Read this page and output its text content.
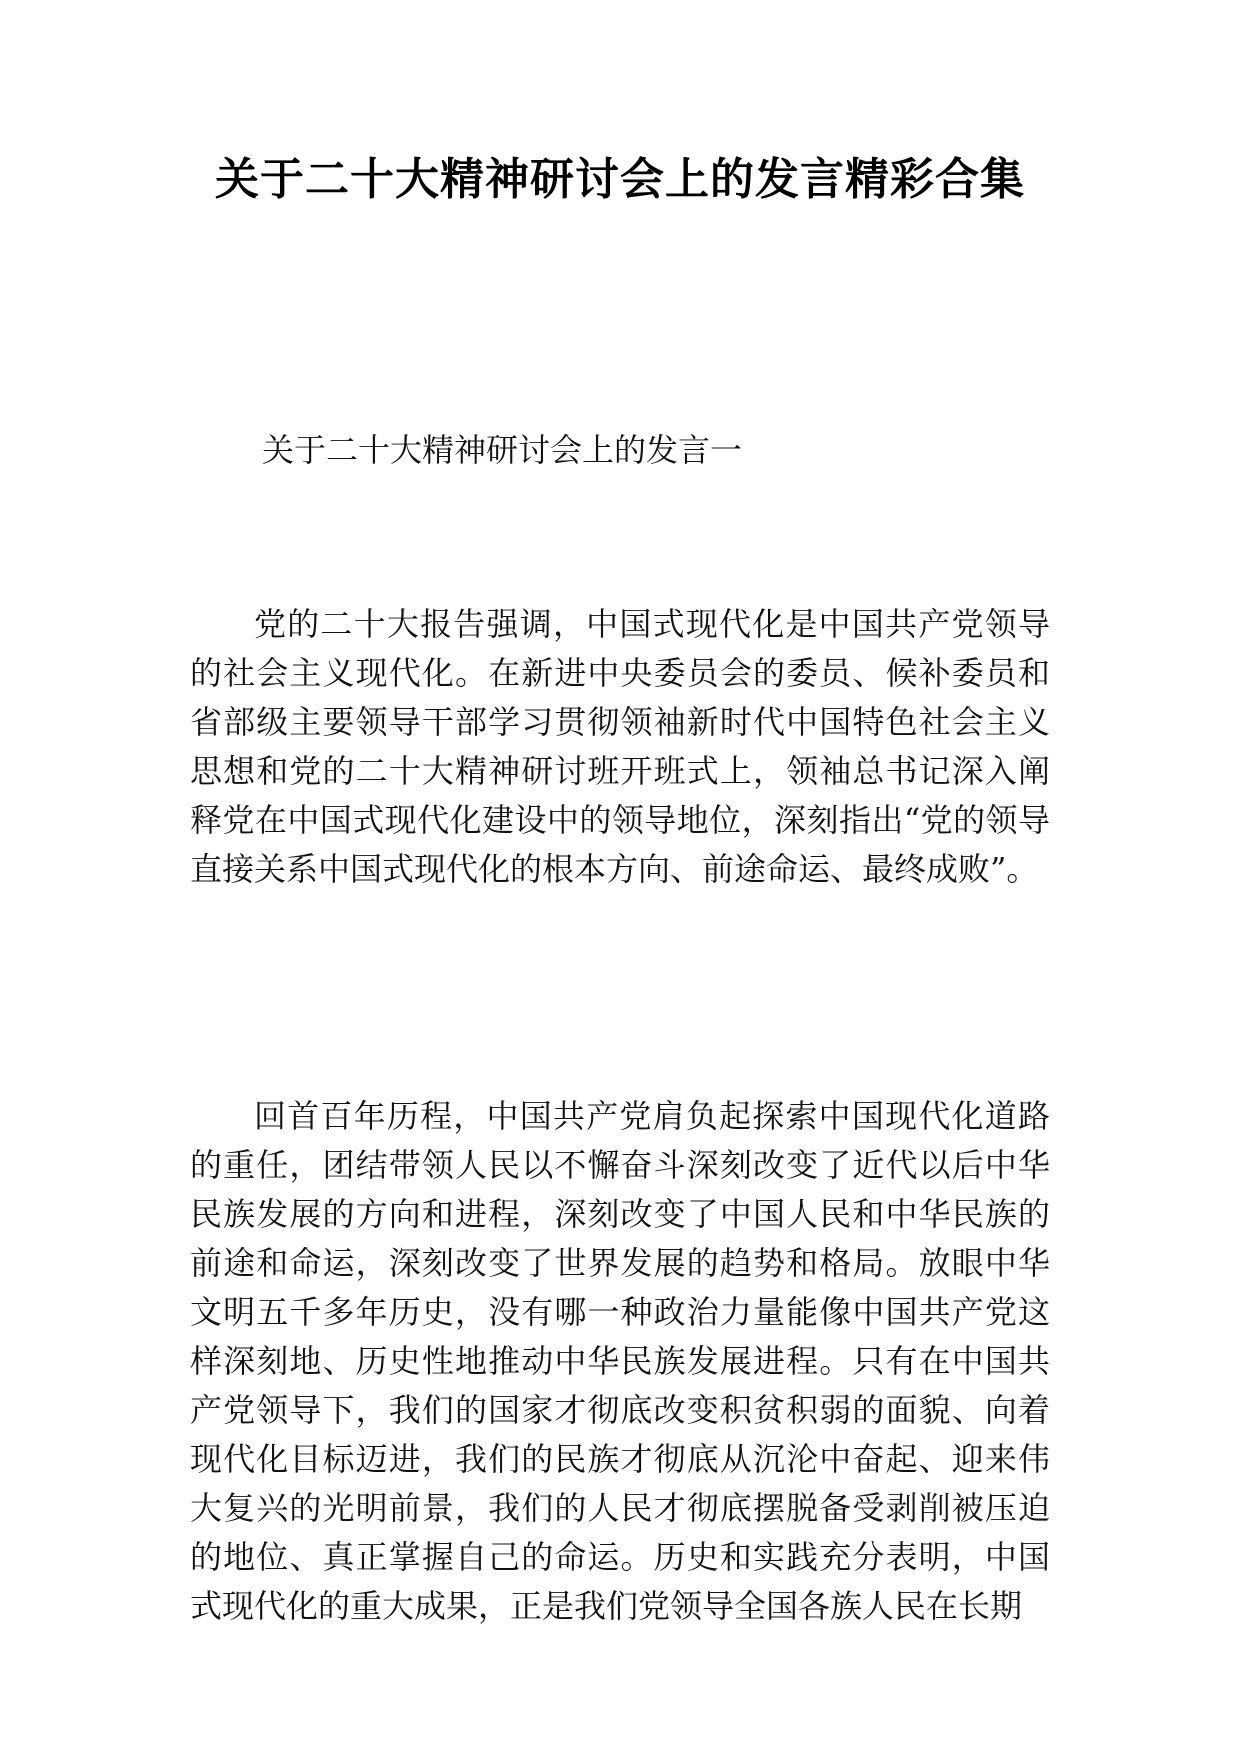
关于二十大精神研讨会上的发言精彩合集
关于二十大精神研讨会上的发言一

党的二十大报告强调，中国式现代化是中国共产党领导的社会主义现代化。在新进中央委员会的委员、候补委员和省部级主要领导干部学习贯彻领袖新时代中国特色社会主义思想和党的二十大精神研讨班开班式上，领袖总书记深入阐释党在中国式现代化建设中的领导地位，深刻指出“党的领导直接关系中国式现代化的根本方向、前途命运、最终成败”。

回首百年历程，中国共产党肩负起探索中国现代化道路的重任，团结带领人民以不懈奋斗深刻改变了近代以后中华民族发展的方向和进程，深刻改变了中国人民和中华民族的前途和命运，深刻改变了世界发展的趋势和格局。放眼中华文明五千多年历史，没有哪一种政治力量能像中国共产党这样深刻地、历史性地推动中华民族发展进程。只有在中国共产党领导下，我们的国家才彻底改变积贫积弱的面貌、向着现代化目标迈进，我们的民族才彻底从沉沦中奋起、迎来伟大复兴的光明前景，我们的人民才彻底摆脱备受剥削被压迫的地位、真正掌握自己的命运。历史和实践充分表明，中国式现代化的重大成果，正是我们党领导全国各族人民在长期
